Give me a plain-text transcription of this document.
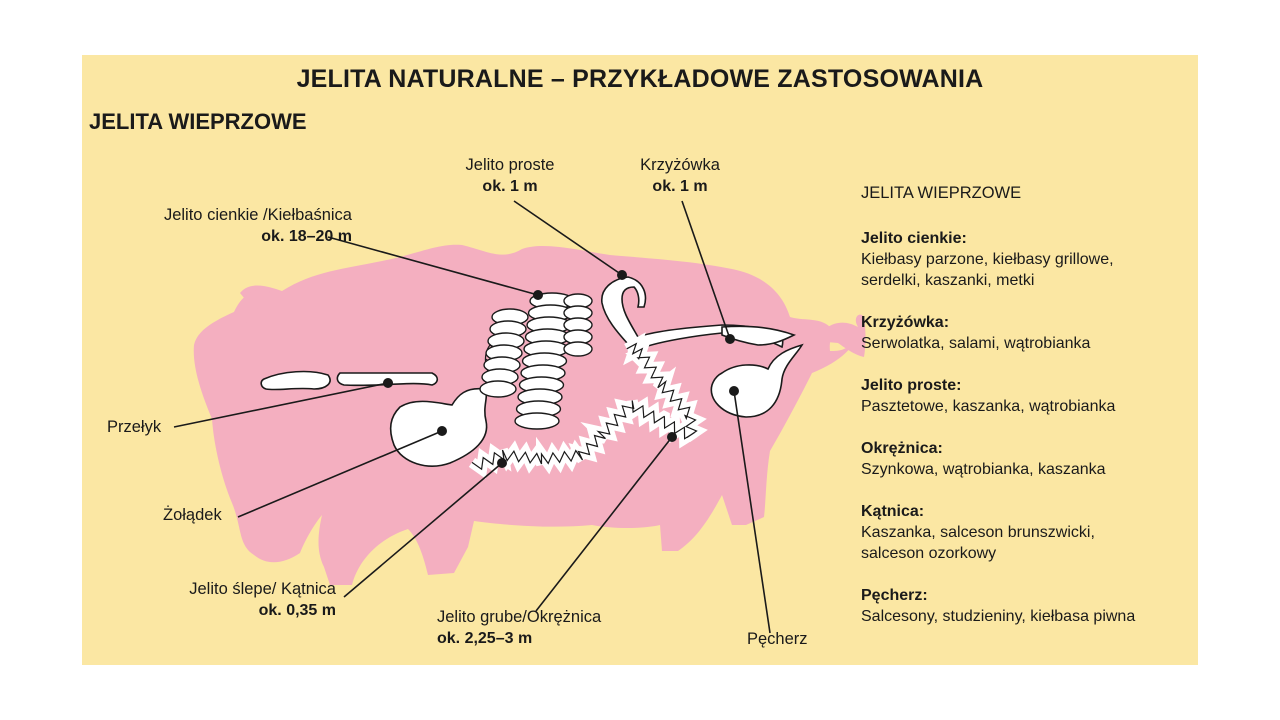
JELITA NATURALNE – PRZYKŁADOWE ZASTOSOWANIA
JELITA WIEPRZOWE
Jelito cienkie /Kiełbaśnica
ok. 18–20 m
Jelito proste
ok. 1 m
Krzyżówka
ok. 1 m
Przełyk
Żołądek
Jelito ślepe/ Kątnica
ok. 0,35 m	Jelito grube/Okrężnica
ok. 2,25–3 m	Pęcherz
JELITA WIEPRZOWE
Jelito cienkie:
Kiełbasy parzone, kiełbasy grillowe,
serdelki, kaszanki, metki
Krzyżówka:
Serwolatka, salami, wątrobianka
Jelito proste:
Pasztetowe, kaszanka, wątrobianka
Okrężnica:
Szynkowa, wątrobianka, kaszanka
Kątnica:
Kaszanka, salceson brunszwicki,
salceson ozorkowy
Pęcherz:
Salcesony, studzieniny, kiełbasa piwna
